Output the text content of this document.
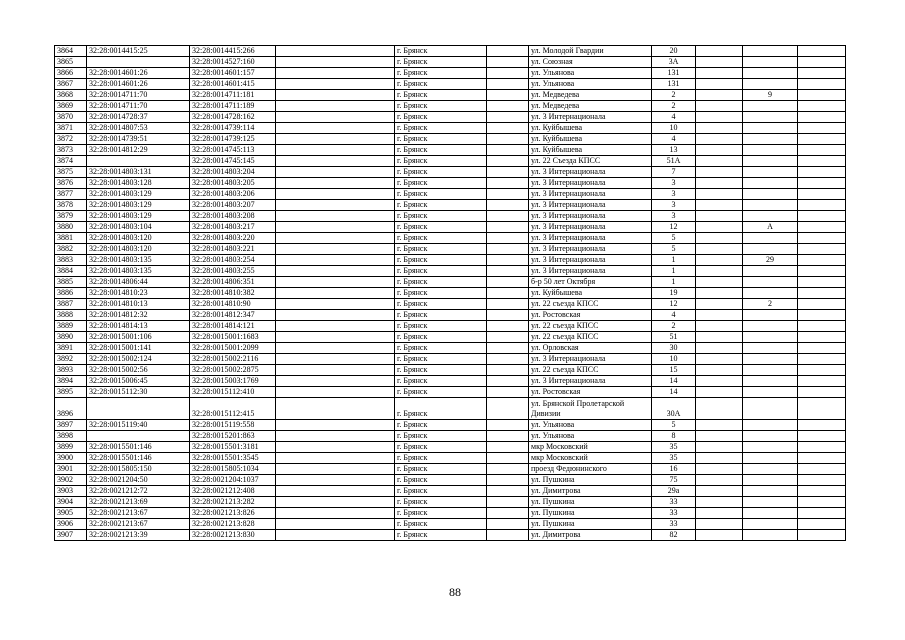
3864	32:28:0014415:25	32:28:0014415:266		г. Брянск		ул. Молодой Гвардии	20			
3865		32:28:0014527:160		г. Брянск		ул. Союзная	3А			
3866	32:28:0014601:26	32:28:0014601:157		г. Брянск		ул. Ульянова	131			
3867	32:28:0014601:26	32:28:0014601:415		г. Брянск		ул. Ульянова	131			
3868	32:28:0014711:70	32:28:0014711:181		г. Брянск		ул. Медведева	2		9	
3869	32:28:0014711:70	32:28:0014711:189		г. Брянск		ул. Медведева	2			
3870	32:28:0014728:37	32:28:0014728:162		г. Брянск		ул. 3 Интернационала	4			
3871	32:28:0014807:53	32:28:0014739:114		г. Брянск		ул. Куйбышева	10			
3872	32:28:0014739:51	32:28:0014739:125		г. Брянск		ул. Куйбышева	4			
3873	32:28:0014812:29	32:28:0014745:113		г. Брянск		ул. Куйбышева	13			
3874		32:28:0014745:145		г. Брянск		ул. 22 Съезда КПСС	51А			
3875	32:28:0014803:131	32:28:0014803:204		г. Брянск		ул. 3 Интернационала	7			
3876	32:28:0014803:128	32:28:0014803:205		г. Брянск		ул. 3 Интернационала	3			
3877	32:28:0014803:129	32:28:0014803:206		г. Брянск		ул. 3 Интернационала	3			
3878	32:28:0014803:129	32:28:0014803:207		г. Брянск		ул. 3 Интернационала	3			
3879	32:28:0014803:129	32:28:0014803:208		г. Брянск		ул. 3 Интернационала	3			
3880	32:28:0014803:104	32:28:0014803:217		г. Брянск		ул. 3 Интернационала	12		А	
3881	32:28:0014803:120	32:28:0014803:220		г. Брянск		ул. 3 Интернационала	5			
3882	32:28:0014803:120	32:28:0014803:221		г. Брянск		ул. 3 Интернационала	5			
3883	32:28:0014803:135	32:28:0014803:254		г. Брянск		ул. 3 Интернационала	1		29	
3884	32:28:0014803:135	32:28:0014803:255		г. Брянск		ул. 3 Интернационала	1			
3885	32:28:0014806:44	32:28:0014806:351		г. Брянск		б-р 50 лет Октября	1			
3886	32:28:0014810:23	32:28:0014810:382		г. Брянск		ул. Куйбышева	19			
3887	32:28:0014810:13	32:28:0014810:90		г. Брянск		ул. 22 съезда КПСС	12		2	
3888	32:28:0014812:32	32:28:0014812:347		г. Брянск		ул. Ростовская	4			
3889	32:28:0014814:13	32:28:0014814:121		г. Брянск		ул. 22 съезда КПСС	2			
3890	32:28:0015001:106	32:28:0015001:1683		г. Брянск		ул. 22 съезда КПСС	51			
3891	32:28:0015001:141	32:28:0015001:2099		г. Брянск		ул. Орловская	30			
3892	32:28:0015002:124	32:28:0015002:2116		г. Брянск		ул. 3 Интернационала	10			
3893	32:28:0015002:56	32:28:0015002:2875		г. Брянск		ул. 22 съезда КПСС	15			
3894	32:28:0015006:45	32:28:0015003:1769		г. Брянск		ул. 3 Интернационала	14			
3895	32:28:0015112:30	32:28:0015112:410		г. Брянск		ул. Ростовская	14			
3896		32:28:0015112:415		г. Брянск		ул. Брянской Пролетарской Дивизии	30А			
3897	32:28:0015119:40	32:28:0015119:558		г. Брянск		ул. Ульянова	5			
3898		32:28:0015201:863		г. Брянск		ул. Ульянова	8			
3899	32:28:0015501:146	32:28:0015501:3181		г. Брянск		мкр Московский	35			
3900	32:28:0015501:146	32:28:0015501:3545		г. Брянск		мкр Московский	35			
3901	32:28:0015805:150	32:28:0015805:1034		г. Брянск		проезд Федюнинского	16			
3902	32:28:0021204:50	32:28:0021204:1037		г. Брянск		ул. Пушкина	75			
3903	32:28:0021212:72	32:28:0021212:408		г. Брянск		ул. Димитрова	29а			
3904	32:28:0021213:69	32:28:0021213:282		г. Брянск		ул. Пушкина	33			
3905	32:28:0021213:67	32:28:0021213:826		г. Брянск		ул. Пушкина	33			
3906	32:28:0021213:67	32:28:0021213:828		г. Брянск		ул. Пушкина	33			
3907	32:28:0021213:39	32:28:0021213:830		г. Брянск		ул. Димитрова	82			
88
